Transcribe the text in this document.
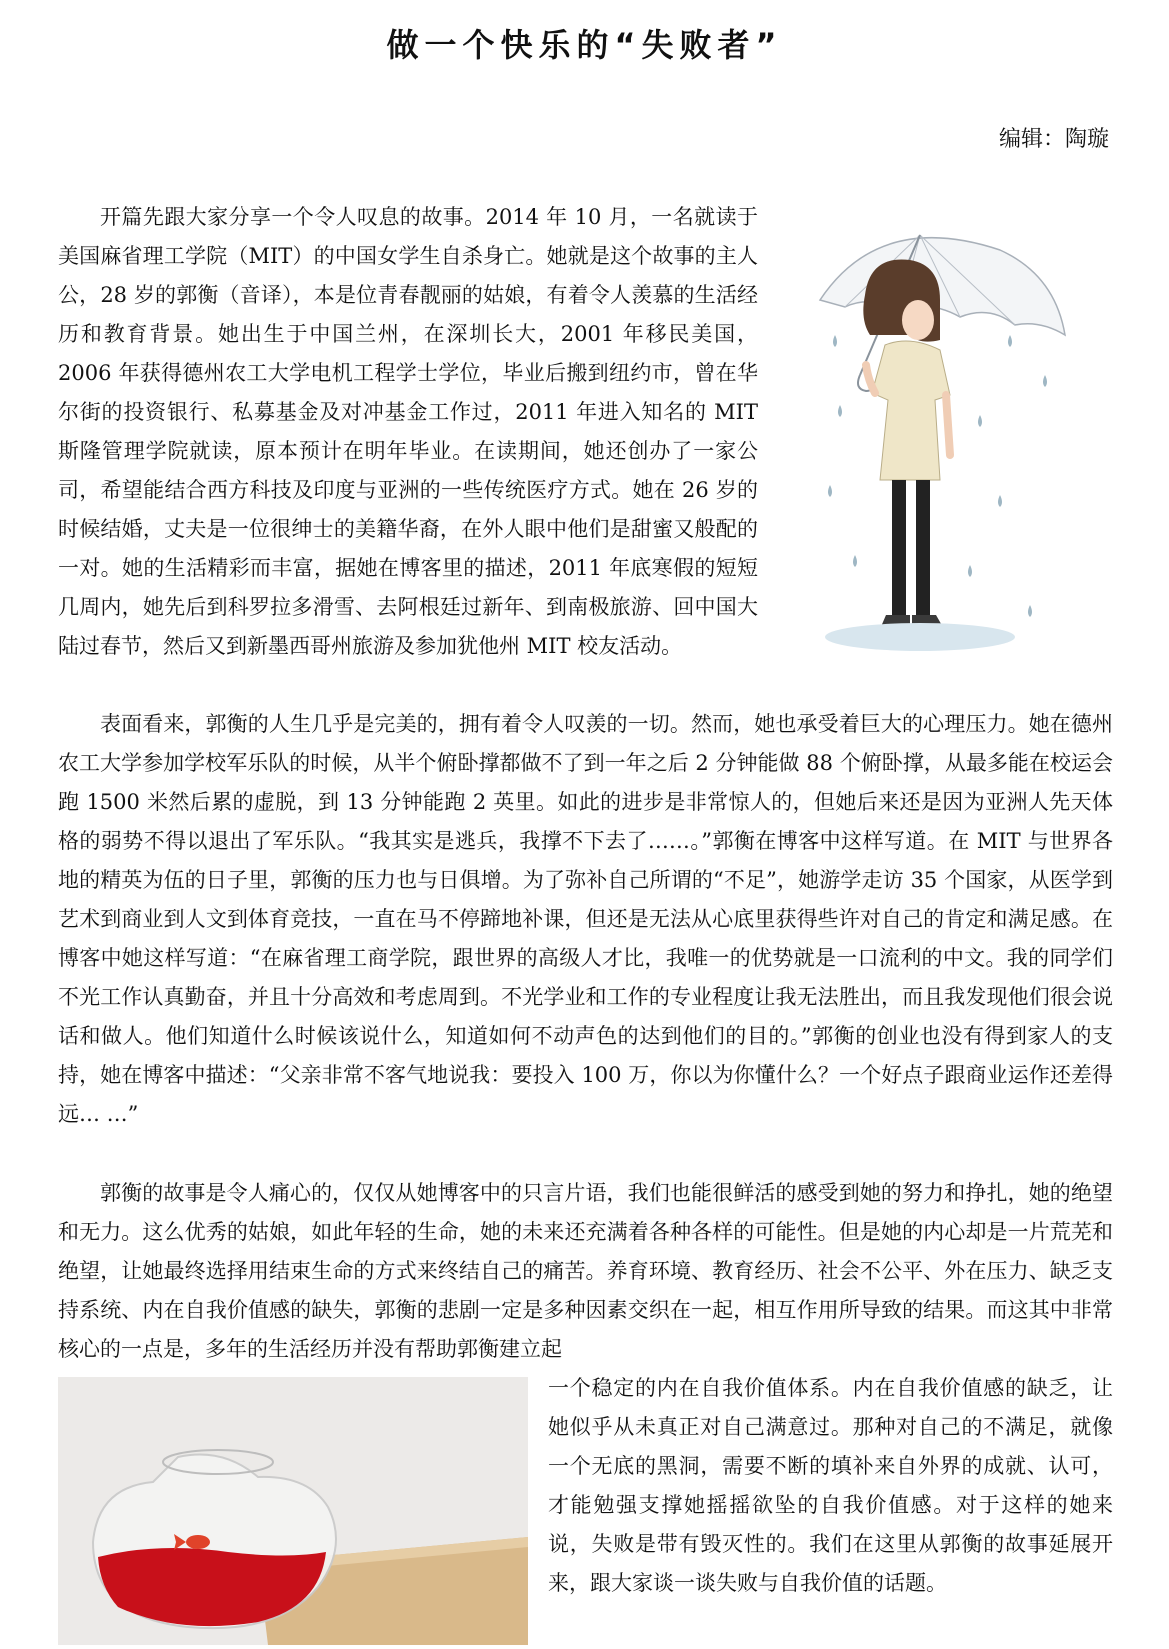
做一个快乐的“失败者”
编辑：陶璇

开篇先跟大家分享一个令人叹息的故事。2014 年 10 月，一名就读于美国麻省理工学院（MIT）的中国女学生自杀身亡。她就是这个故事的主人公，28 岁的郭衡（音译），本是位青春靓丽的姑娘，有着令人羡慕的生活经历和教育背景。她出生于中国兰州，在深圳长大，2001 年移民美国，2006 年获得德州农工大学电机工程学士学位，毕业后搬到纽约市，曾在华尔街的投资银行、私募基金及对冲基金工作过，2011 年进入知名的 MIT 斯隆管理学院就读，原本预计在明年毕业。在读期间，她还创办了一家公司，希望能结合西方科技及印度与亚洲的一些传统医疗方式。她在 26 岁的时候结婚，丈夫是一位很绅士的美籍华裔，在外人眼中他们是甜蜜又般配的一对。她的生活精彩而丰富，据她在博客里的描述，2011 年底寒假的短短几周内，她先后到科罗拉多滑雪、去阿根廷过新年、到南极旅游、回中国大陆过春节，然后又到新墨西哥州旅游及参加犹他州 MIT 校友活动。

表面看来，郭衡的人生几乎是完美的，拥有着令人叹羡的一切。然而，她也承受着巨大的心理压力。她在德州农工大学参加学校军乐队的时候，从半个俯卧撑都做不了到一年之后 2 分钟能做 88 个俯卧撑，从最多能在校运会跑 1500 米然后累的虚脱，到 13 分钟能跑 2 英里。如此的进步是非常惊人的，但她后来还是因为亚洲人先天体格的弱势不得以退出了军乐队。“我其实是逃兵，我撑不下去了……。”郭衡在博客中这样写道。在 MIT 与世界各地的精英为伍的日子里，郭衡的压力也与日俱增。为了弥补自己所谓的“不足”，她游学走访 35 个国家，从医学到艺术到商业到人文到体育竞技，一直在马不停蹄地补课，但还是无法从心底里获得些许对自己的肯定和满足感。在博客中她这样写道：“在麻省理工商学院，跟世界的高级人才比，我唯一的优势就是一口流利的中文。我的同学们不光工作认真勤奋，并且十分高效和考虑周到。不光学业和工作的专业程度让我无法胜出，而且我发现他们很会说话和做人。他们知道什么时候该说什么，知道如何不动声色的达到他们的目的。”郭衡的创业也没有得到家人的支持，她在博客中描述：“父亲非常不客气地说我：要投入 100 万，你以为你懂什么？一个好点子跟商业运作还差得远… …”

郭衡的故事是令人痛心的，仅仅从她博客中的只言片语，我们也能很鲜活的感受到她的努力和挣扎，她的绝望和无力。这么优秀的姑娘，如此年轻的生命，她的未来还充满着各种各样的可能性。但是她的内心却是一片荒芜和绝望，让她最终选择用结束生命的方式来终结自己的痛苦。养育环境、教育经历、社会不公平、外在压力、缺乏支持系统、内在自我价值感的缺失，郭衡的悲剧一定是多种因素交织在一起，相互作用所导致的结果。而这其中非常核心的一点是，多年的生活经历并没有帮助郭衡建立起

一个稳定的内在自我价值体系。内在自我价值感的缺乏，让她似乎从未真正对自己满意过。那种对自己的不满足，就像一个无底的黑洞，需要不断的填补来自外界的成就、认可，才能勉强支撑她摇摇欲坠的自我价值感。对于这样的她来说，失败是带有毁灭性的。我们在这里从郭衡的故事延展开来，跟大家谈一谈失败与自我价值的话题。
